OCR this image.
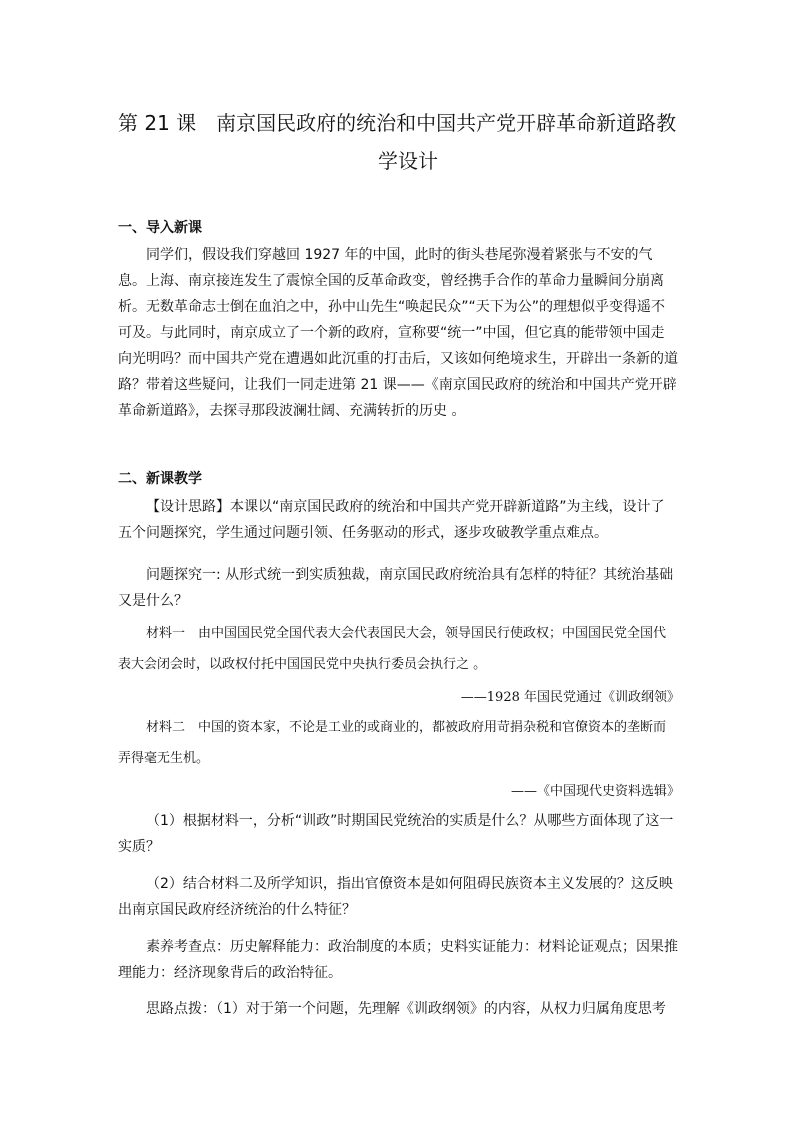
第 21 课　南京国民政府的统治和中国共产党开辟革命新道路教
学设计
一、导入新课

同学们，假设我们穿越回 1927 年的中国，此时的街头巷尾弥漫着紧张与不安的气息。上海、南京接连发生了震惊全国的反革命政变，曾经携手合作的革命力量瞬间分崩离析。无数革命志士倒在血泊之中，孙中山先生“唤起民众”“天下为公”的理想似乎变得遥不可及。与此同时，南京成立了一个新的政府，宣称要“统一”中国，但它真的能带领中国走向光明吗？而中国共产党在遭遇如此沉重的打击后，又该如何绝境求生，开辟出一条新的道路？带着这些疑问，让我们一同走进第 21 课——《南京国民政府的统治和中国共产党开辟革命新道路》，去探寻那段波澜壮阔、充满转折的历史 。

二、新课教学

【设计思路】本课以“南京国民政府的统治和中国共产党开辟新道路”为主线，设计了五个问题探究，学生通过问题引领、任务驱动的形式，逐步攻破教学重点难点。

问题探究一: 从形式统一到实质独裁，南京国民政府统治具有怎样的特征？其统治基础又是什么？

材料一　由中国国民党全国代表大会代表国民大会，领导国民行使政权；中国国民党全国代表大会闭会时，以政权付托中国国民党中央执行委员会执行之 。

——1928 年国民党通过《训政纲领》

材料二　中国的资本家，不论是工业的或商业的，都被政府用苛捐杂税和官僚资本的垄断而弄得毫无生机。

——《中国现代史资料选辑》

（1）根据材料一，分析“训政”时期国民党统治的实质是什么？从哪些方面体现了这一实质？

（2）结合材料二及所学知识，指出官僚资本是如何阻碍民族资本主义发展的？这反映出南京国民政府经济统治的什么特征？

素养考查点：历史解释能力：政治制度的本质；史料实证能力：材料论证观点；因果推理能力：经济现象背后的政治特征。

思路点拨：（1）对于第一个问题，先理解《训政纲领》的内容，从权力归属角度思考
